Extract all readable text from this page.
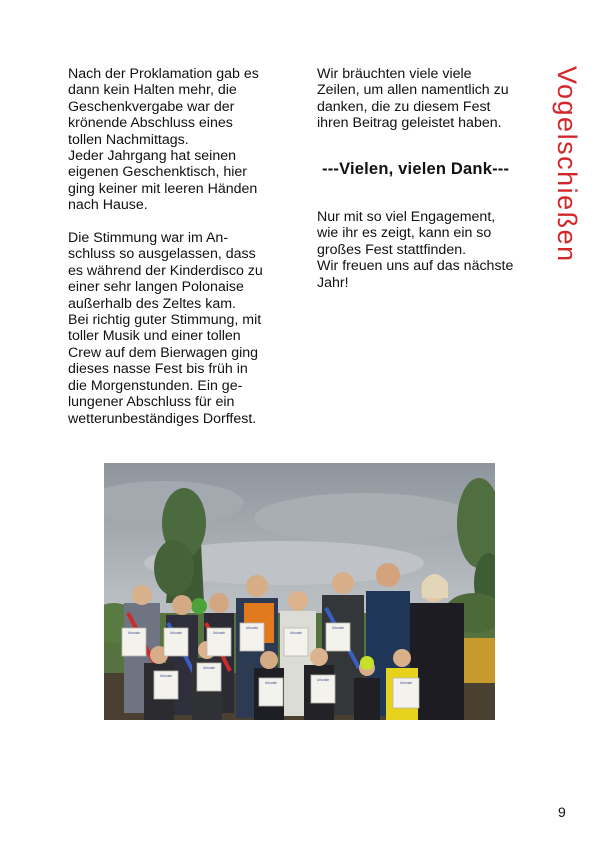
Nach der Proklamation gab es

dann kein Halten mehr, die

Geschenkvergabe war der

krönende Abschluss eines

tollen Nachmittags.

Jeder Jahrgang hat seinen

eigenen Geschenktisch, hier

ging keiner mit leeren Händen

nach Hause.

Die Stimmung war im An-

schluss so ausgelassen, dass

es während der Kinderdisco zu

einer sehr langen Polonaise

außerhalb des Zeltes kam.

Bei richtig guter Stimmung, mit

toller Musik und einer tollen

Crew auf dem Bierwagen ging

dieses nasse Fest bis früh in

die Morgenstunden. Ein ge-

lungener Abschluss für ein

wetterunbeständiges Dorffest.

Wir bräuchten viele viele

Zeilen, um allen namentlich zu

danken, die zu diesem Fest

ihren Beitrag geleistet haben.

---Vielen, vielen Dank---

Nur mit so viel Engagement,

wie ihr es zeigt, kann ein so

großes Fest stattfinden.

Wir freuen uns auf das nächste

Jahr!

Vogelschießen
Urkunde	Urkunde	Urkunde
Urkunde
Urkunde
Urkunde
Urkunde
Urkunde
Urkunde
Urkunde
Urkunde
9
